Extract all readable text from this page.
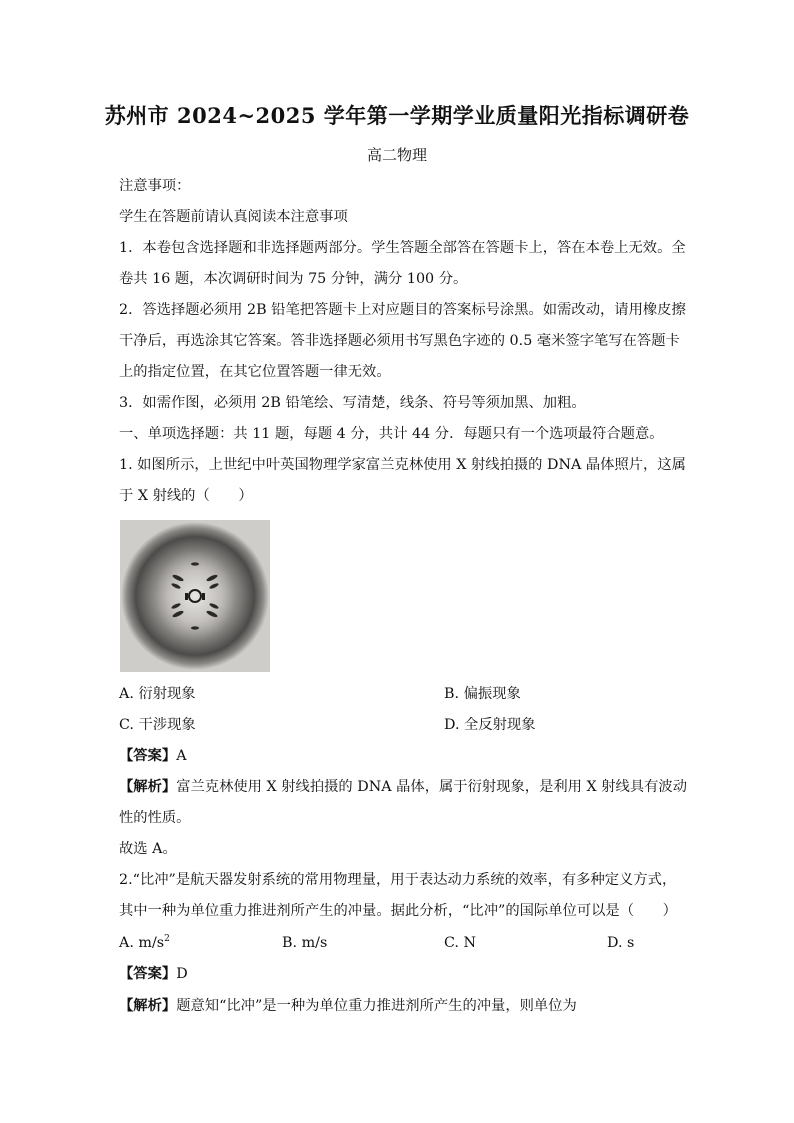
苏州市 2024~2025 学年第一学期学业质量阳光指标调研卷
高二物理
注意事项：
学生在答题前请认真阅读本注意事项
1．本卷包含选择题和非选择题两部分。学生答题全部答在答题卡上，答在本卷上无效。全
卷共 16 题，本次调研时间为 75 分钟，满分 100 分。
2．答选择题必须用 2B 铅笔把答题卡上对应题目的答案标号涂黑。如需改动，请用橡皮擦
干净后，再选涂其它答案。答非选择题必须用书写黑色字迹的 0.5 毫米签字笔写在答题卡
上的指定位置，在其它位置答题一律无效。
3．如需作图，必须用 2B 铅笔绘、写清楚，线条、符号等须加黑、加粗。
一、单项选择题：共 11 题，每题 4 分，共计 44 分．每题只有一个选项最符合题意。
1. 如图所示，上世纪中叶英国物理学家富兰克林使用 X 射线拍摄的 DNA 晶体照片，这属
于 X 射线的（　　）
A. 衍射现象	B. 偏振现象
C. 干涉现象	D. 全反射现象
【答案】A
【解析】富兰克林使用 X 射线拍摄的 DNA 晶体，属于衍射现象，是利用 X 射线具有波动
性的性质。
故选 A。
2.“比冲”是航天器发射系统的常用物理量，用于表达动力系统的效率，有多种定义方式，
其中一种为单位重力推进剂所产生的冲量。据此分析，“比冲”的国际单位可以是（　　）
A. $m/s^2$	B. m/s	C. N	D. s
【答案】D
【解析】题意知“比冲”是一种为单位重力推进剂所产生的冲量，则单位为
